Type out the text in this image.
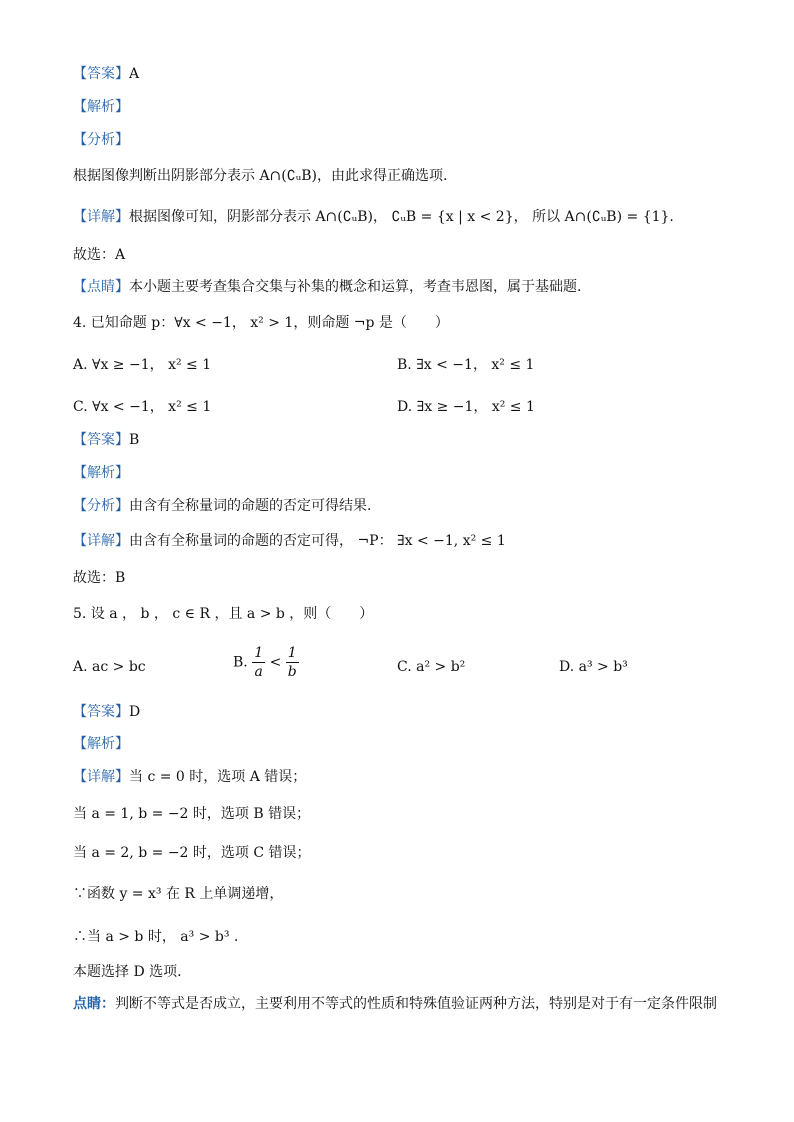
【答案】A
【解析】
【分析】
根据图像判断出阴影部分表示 A∩(∁ᵤB)，由此求得正确选项.
【详解】根据图像可知，阴影部分表示 A∩(∁ᵤB)， ∁ᵤB = {x | x < 2}， 所以 A∩(∁ᵤB) = {1}.
故选：A
【点睛】本小题主要考查集合交集与补集的概念和运算，考查韦恩图，属于基础题.
4. 已知命题 p：∀x < −1， x² > 1，则命题 ¬p 是（　　）
A. ∀x ≥ −1， x² ≤ 1	B. ∃x < −1， x² ≤ 1
C. ∀x < −1， x² ≤ 1	D. ∃x ≥ −1， x² ≤ 1
【答案】B
【解析】
【分析】由含有全称量词的命题的否定可得结果.
【详解】由含有全称量词的命题的否定可得， ¬P： ∃x < −1, x² ≤ 1
故选：B
5. 设 a ， b ， c ∈ R ，且 a > b ，则（　　）
A. ac > bc	B. $\frac{1}{a} < \frac{1}{b}$	C. a² > b²	D. a³ > b³
【答案】D
【解析】
【详解】当 c = 0 时，选项 A 错误；
当 a = 1, b = −2 时，选项 B 错误；
当 a = 2, b = −2 时，选项 C 错误；
∵函数 y = x³ 在 R 上单调递增，
∴当 a > b 时， a³ > b³ .
本题选择 D 选项.
点睛：判断不等式是否成立，主要利用不等式的性质和特殊值验证两种方法，特别是对于有一定条件限制
